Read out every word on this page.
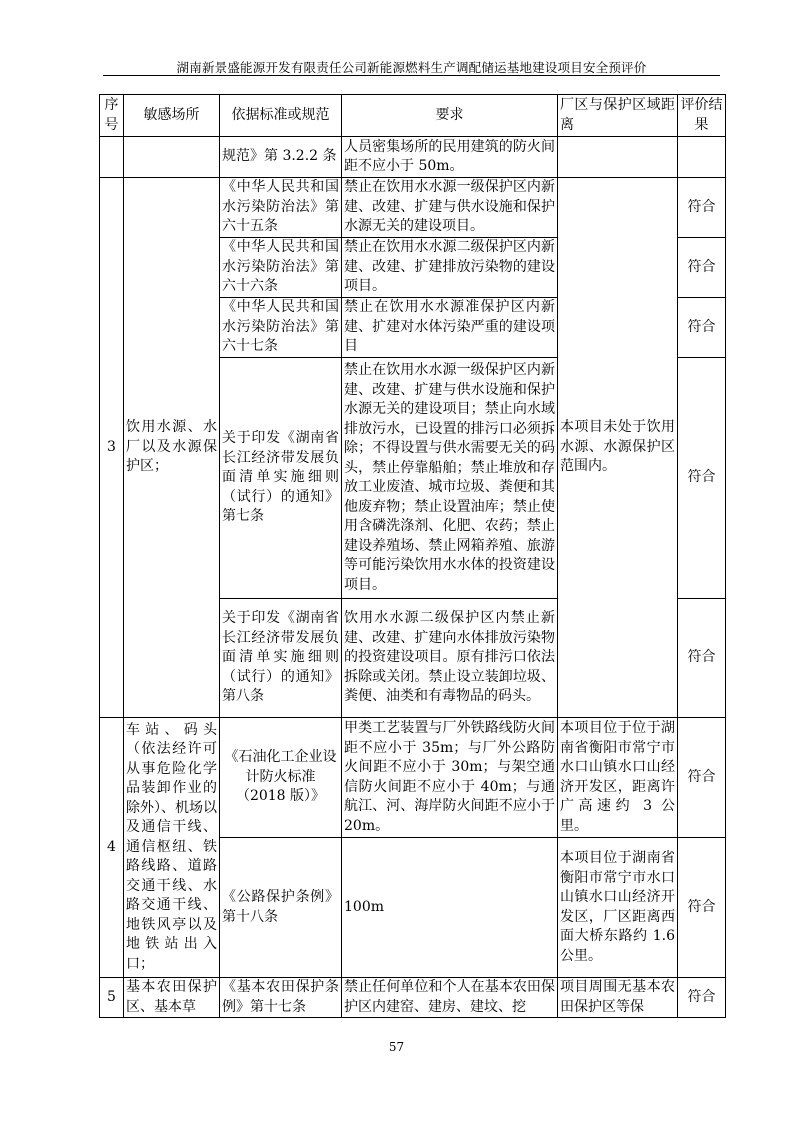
湖南新景盛能源开发有限责任公司新能源燃料生产调配储运基地建设项目安全预评价
序号	敏感场所	依据标准或规范	要求	厂区与保护区域距离	评价结果
		规范》第 3.2.2 条	人员密集场所的民用建筑的防火间距不应小于 50m。		
3	饮用水源、水厂以及水源保护区；	《中华人民共和国水污染防治法》第六十五条	禁止在饮用水水源一级保护区内新建、改建、扩建与供水设施和保护水源无关的建设项目。	本项目未处于饮用水源、水源保护区范围内。	符合
		《中华人民共和国水污染防治法》第六十六条	禁止在饮用水水源二级保护区内新建、改建、扩建排放污染物的建设项目。		符合
		《中华人民共和国水污染防治法》第六十七条	禁止在饮用水水源准保护区内新建、扩建对水体污染严重的建设项目		符合
		关于印发《湖南省长江经济带发展负面清单实施细则（试行）的通知》第七条	禁止在饮用水水源一级保护区内新建、改建、扩建与供水设施和保护水源无关的建设项目；禁止向水域排放污水，已设置的排污口必须拆除；不得设置与供水需要无关的码头，禁止停靠船舶；禁止堆放和存放工业废渣、城市垃圾、粪便和其他废弃物；禁止设置油库；禁止使用含磷洗涤剂、化肥、农药；禁止建设养殖场、禁止网箱养殖、旅游等可能污染饮用水水体的投资建设项目。		符合
		关于印发《湖南省长江经济带发展负面清单实施细则（试行）的通知》第八条	饮用水水源二级保护区内禁止新建、改建、扩建向水体排放污染物的投资建设项目。原有排污口依法拆除或关闭。禁止设立装卸垃圾、粪便、油类和有毒物品的码头。		符合
4	车站、码头（依法经许可从事危险化学品装卸作业的除外）、机场以及通信干线、通信枢纽、铁路线路、道路交通干线、水路交通干线、地铁风亭以及地铁站出入口；	《石油化工企业设计防火标准（2018 版）》	甲类工艺装置与厂外铁路线防火间距不应小于 35m；与厂外公路防火间距不应小于 30m；与架空通信防火间距不应小于 40m；与通航江、河、海岸防火间距不应小于 20m。	本项目位于位于湖南省衡阳市常宁市水口山镇水口山经济开发区，距离许广高速约 3 公里。	符合
		《公路保护条例》第十八条	100m	本项目位于湖南省衡阳市常宁市水口山镇水口山经济开发区，厂区距离西面大桥东路约 1.6 公里。	符合
5	基本农田保护区、基本草	《基本农田保护条例》第十七条	禁止任何单位和个人在基本农田保护区内建窑、建房、建坟、挖	项目周围无基本农田保护区等保	符合
57
